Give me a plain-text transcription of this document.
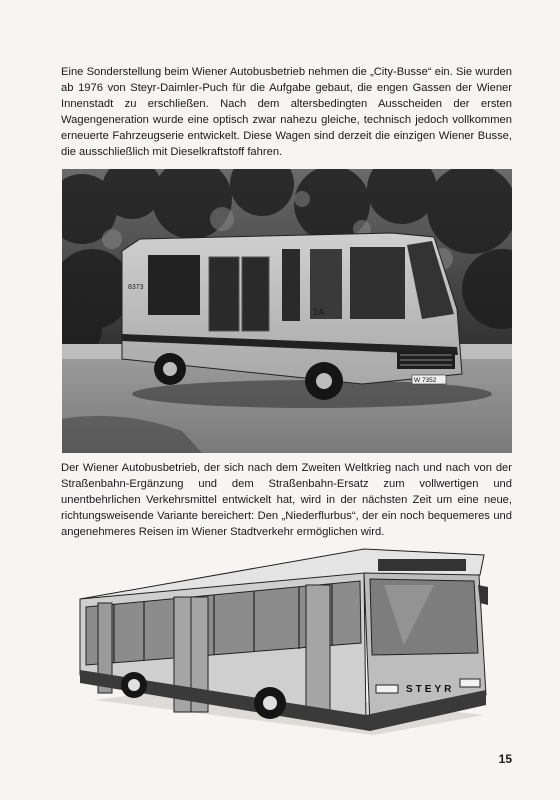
Eine Sonderstellung beim Wiener Autobusbetrieb nehmen die „City-Busse“ ein. Sie wurden ab 1976 von Steyr-Daimler-Puch für die Aufgabe gebaut, die engen Gassen der Wiener Innenstadt zu erschließen. Nach dem altersbedingten Ausscheiden der ersten Wagengeneration wurde eine optisch zwar nahezu gleiche, technisch jedoch vollkommen erneuerte Fahrzeugserie entwickelt. Diese Wagen sind derzeit die einzigen Wiener Busse, die ausschließlich mit Dieselkraftstoff fahren.

8373
1A
W 7352

Der Wiener Autobusbetrieb, der sich nach dem Zweiten Weltkrieg nach und nach von der Straßenbahn-Ergänzung und dem Straßenbahn-Ersatz zum vollwertigen und unentbehrlichen Verkehrsmittel entwickelt hat, wird in der nächsten Zeit um eine neue, richtungsweisende Variante bereichert: Den „Niederflurbus“, der ein noch bequemeres und angenehmeres Reisen im Wiener Stadtverkehr ermöglichen wird.

STEYR
15
